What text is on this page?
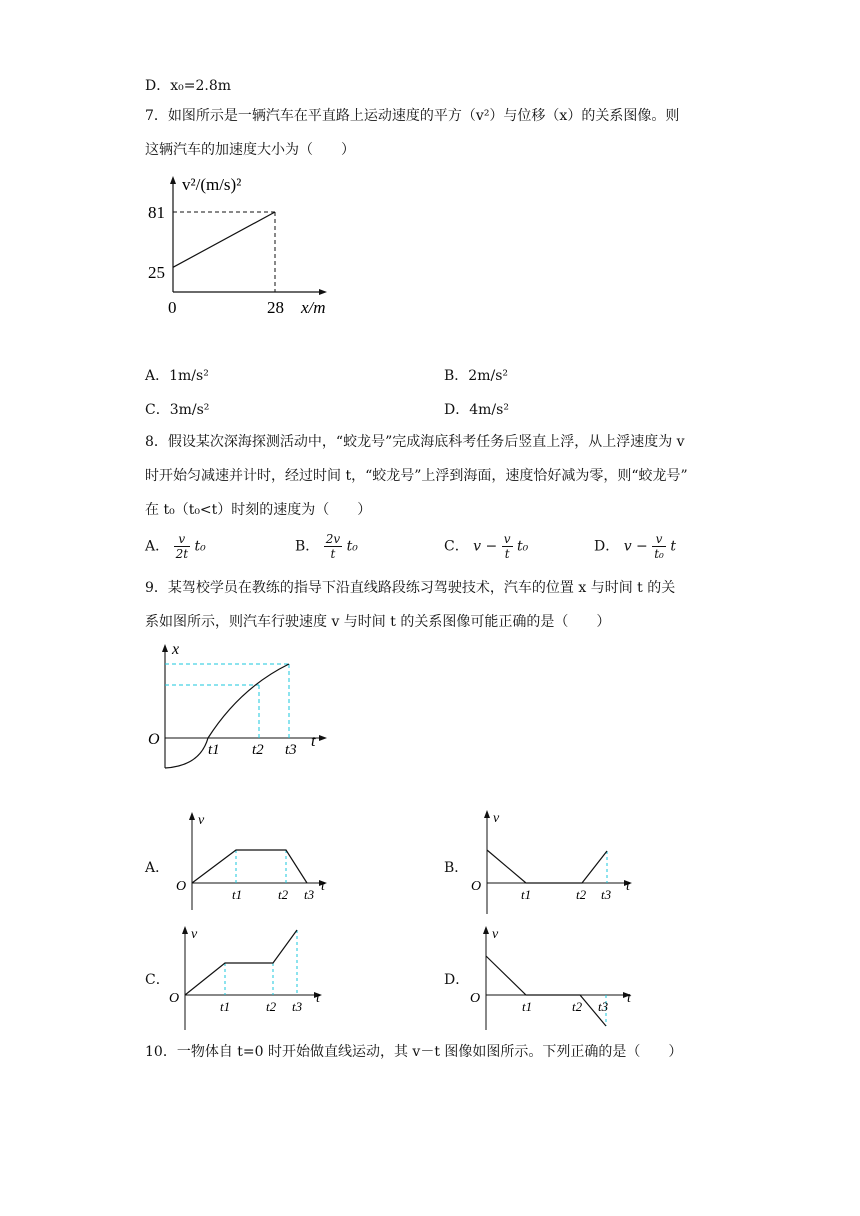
D．x₀=2.8m
7．如图所示是一辆汽车在平直路上运动速度的平方（v²）与位移（x）的关系图像。则
这辆汽车的加速度大小为（　　）
v²/(m/s)²
81
25
0	28 x/m
A．1m/s²	B．2m/s²
C．3m/s²	D．4m/s²
8．假设某次深海探测活动中，“蛟龙号”完成海底科考任务后竖直上浮，从上浮速度为 v
时开始匀减速并计时，经过时间 t，“蛟龙号”上浮到海面，速度恰好减为零，则“蛟龙号”
在 t₀（t₀<t）时刻的速度为（　　）
A． $\frac{v}{2t} t_0$	B． $\frac{2v}{t} t_0$	C． $v - \frac{v}{t} t_0$	D． $v - \frac{v}{\text{t₀}}$ t
9．某驾校学员在教练的指导下沿直线路段练习驾驶技术，汽车的位置 x 与时间 t 的关
系如图所示，则汽车行驶速度 v 与时间 t 的关系图像可能正确的是（　　）
x
O	t
t1 t2 t3
A．	B．
C．	D．
v
O	t
t1	t2 t3
v
O	t
t1	t2 t3
v
O	t
t1	t2 t3
v
O	t
t1	t2 t3
10．一物体自 t=0 时开始做直线运动，其 v－t 图像如图所示。下列正确的是（　　）
